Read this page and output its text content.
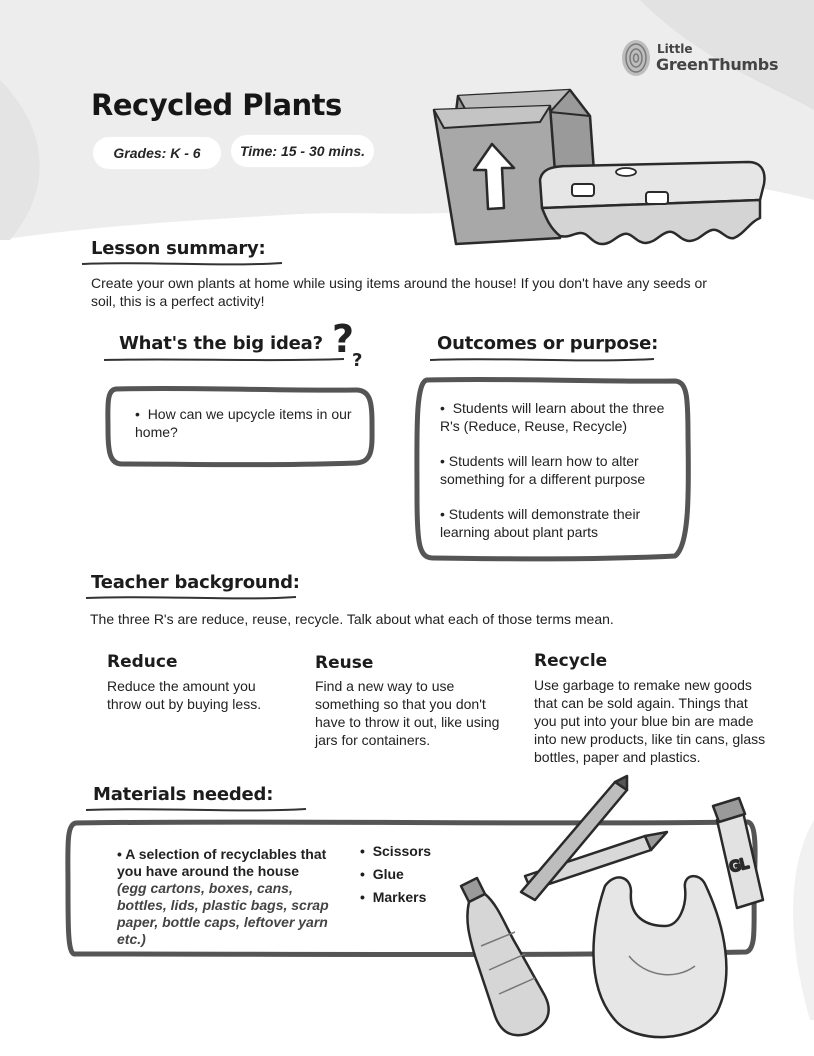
Little
GreenThumbs
Recycled Plants
Grades: K - 6	Time: 15 - 30 mins.
Lesson summary:

Create your own plants at home while using items around the house! If you don't have any seeds or soil, this is a perfect activity!

What's the big idea? ?
?

•  How can we upcycle items in our home?

Outcomes or purpose:

•  Students will learn about the three R's (Reduce, Reuse, Recycle)

• Students will learn how to alter something for a different purpose

• Students will demonstrate their learning about plant parts

Teacher background:

The three R's are reduce, reuse, recycle. Talk about what each of those terms mean.

Reduce

Reduce the amount you throw out by buying less.

Reuse

Find a new way to use something so that you don't have to throw it out, like using jars for containers.

Recycle

Use garbage to remake new goods that can be sold again. Things that you put into your blue bin are made into new products, like tin cans, glass bottles, paper and plastics.

Materials needed:
• A selection of recyclables that you have around the house
(egg cartons, boxes, cans, bottles, lids, plastic bags, scrap paper, bottle caps, leftover yarn etc.)
•  Scissors
•  Glue
•  Markers
GL
